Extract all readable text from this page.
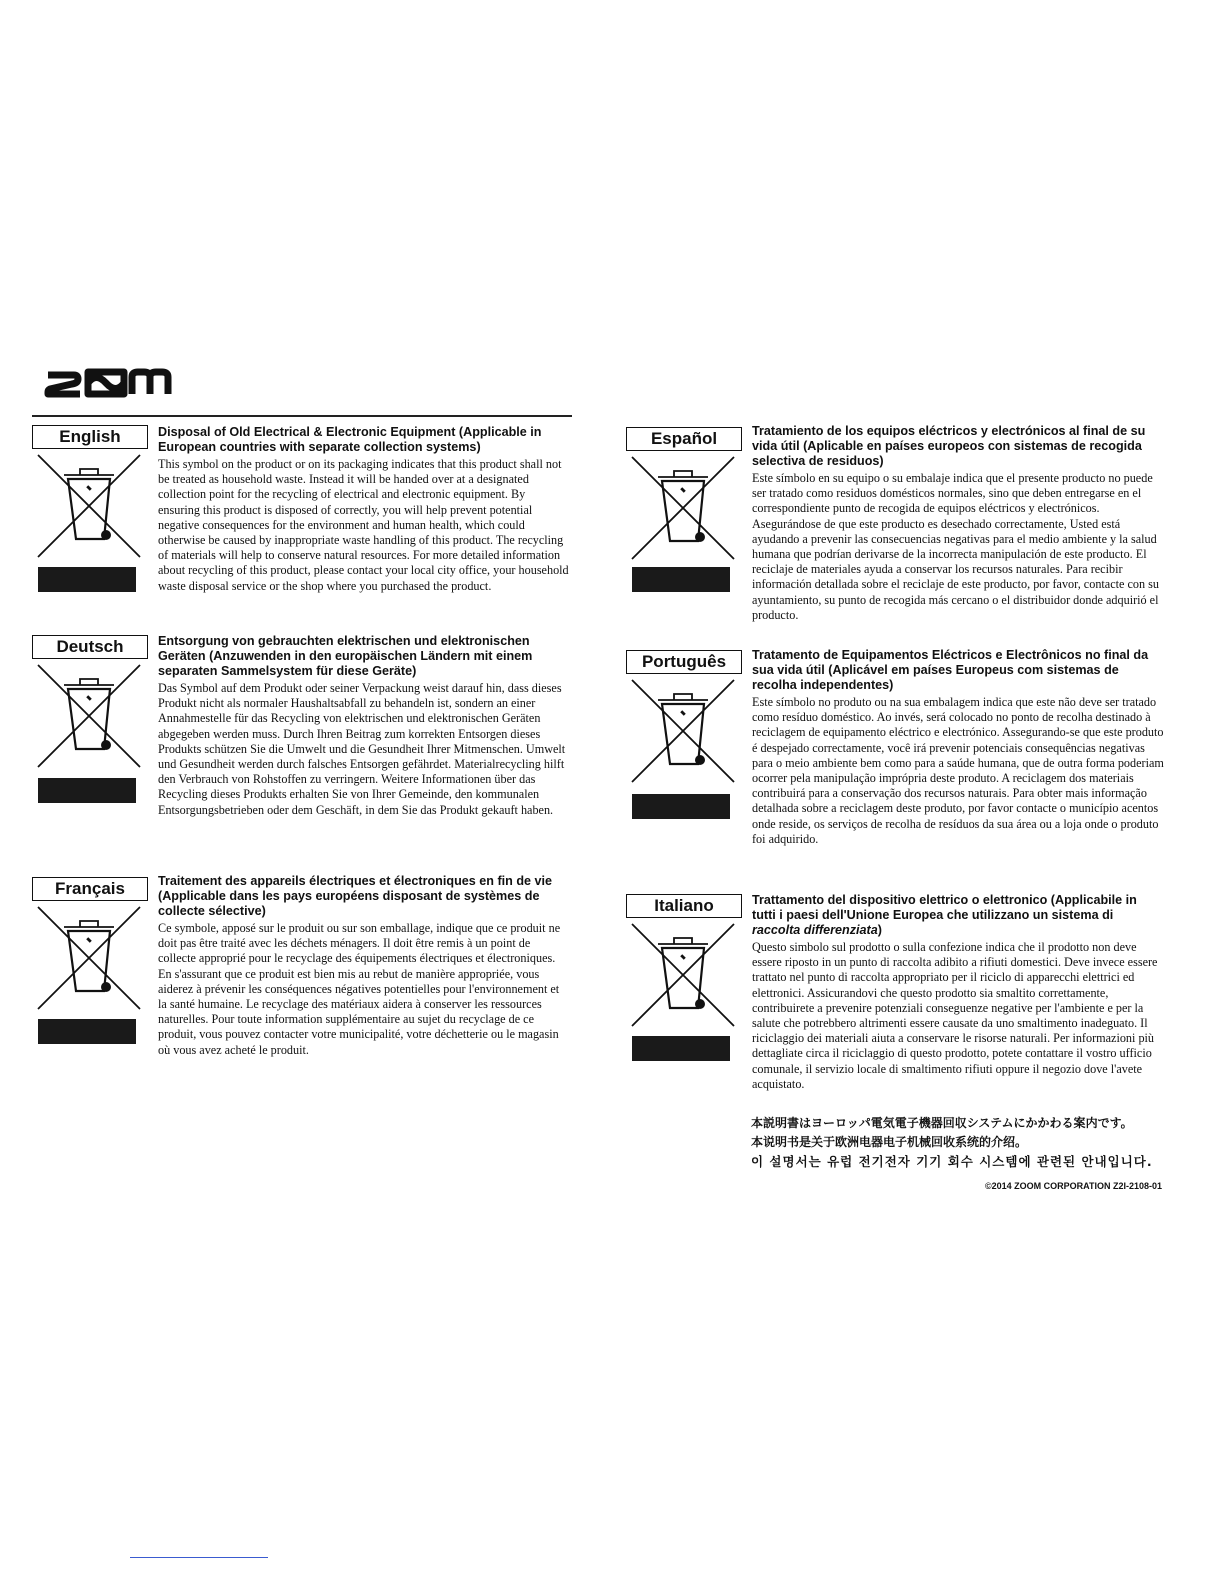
English	Disposal of Old Electrical & Electronic Equipment (Applicable in European countries with separate collection systems)

This symbol on the product or on its packaging indicates that this product shall not be treated as household waste. Instead it will be handed over at a designated collection point for the recycling of electrical and electronic equipment. By ensuring this product is disposed of correctly, you will help prevent potential negative consequences for the environment and human health, which could otherwise be caused by inappropriate waste handling of this product. The recycling of materials will help to conserve natural resources. For more detailed information about recycling of this product, please contact your local city office, your household waste disposal service or the shop where you purchased the product.

Deutsch	Entsorgung von gebrauchten elektrischen und elektronischen Geräten (Anzuwenden in den europäischen Ländern mit einem separaten Sammelsystem für diese Geräte)

Das Symbol auf dem Produkt oder seiner Verpackung weist darauf hin, dass dieses Produkt nicht als normaler Haushaltsabfall zu behandeln ist, sondern an einer Annahmestelle für das Recycling von elektrischen und elektronischen Geräten abgegeben werden muss. Durch Ihren Beitrag zum korrekten Entsorgen dieses Produkts schützen Sie die Umwelt und die Gesundheit Ihrer Mitmenschen. Umwelt und Gesundheit werden durch falsches Entsorgen gefährdet. Materialrecycling hilft den Verbrauch von Rohstoffen zu verringern. Weitere Informationen über das Recycling dieses Produkts erhalten Sie von Ihrer Gemeinde, den kommunalen Entsorgungsbetrieben oder dem Geschäft, in dem Sie das Produkt gekauft haben.

Français	Traitement des appareils électriques et électroniques en fin de vie (Applicable dans les pays européens disposant de systèmes de collecte sélective)

Ce symbole, apposé sur le produit ou sur son emballage, indique que ce produit ne doit pas être traité avec les déchets ménagers. Il doit être remis à un point de collecte approprié pour le recyclage des équipements électriques et électroniques. En s'assurant que ce produit est bien mis au rebut de manière appropriée, vous aiderez à prévenir les conséquences négatives potentielles pour l'environnement et la santé humaine. Le recyclage des matériaux aidera à conserver les ressources naturelles. Pour toute information supplémentaire au sujet du recyclage de ce produit, vous pouvez contacter votre municipalité, votre déchetterie ou le magasin où vous avez acheté le produit.

Español	Tratamiento de los equipos eléctricos y electrónicos al final de su vida útil (Aplicable en países europeos con sistemas de recogida selectiva de residuos)

Este símbolo en su equipo o su embalaje indica que el presente producto no puede ser tratado como residuos domésticos normales, sino que deben entregarse en el correspondiente punto de recogida de equipos eléctricos y electrónicos. Asegurándose de que este producto es desechado correctamente, Usted está ayudando a prevenir las consecuencias negativas para el medio ambiente y la salud humana que podrían derivarse de la incorrecta manipulación de este producto. El reciclaje de materiales ayuda a conservar los recursos naturales. Para recibir información detallada sobre el reciclaje de este producto, por favor, contacte con su ayuntamiento, su punto de recogida más cercano o el distribuidor donde adquirió el producto.

Português	Tratamento de Equipamentos Eléctricos e Electrônicos no final da sua vida útil (Aplicável em países Europeus com sistemas de recolha independentes)

Este símbolo no produto ou na sua embalagem indica que este não deve ser tratado como resíduo doméstico. Ao invés, será colocado no ponto de recolha destinado à reciclagem de equipamento eléctrico e electrónico. Assegurando-se que este produto é despejado correctamente, você irá prevenir potenciais consequências negativas para o meio ambiente bem como para a saúde humana, que de outra forma poderiam ocorrer pela manipulação imprópria deste produto. A reciclagem dos materiais contribuirá para a conservação dos recursos naturais. Para obter mais informação detalhada sobre a reciclagem deste produto, por favor contacte o município acentos onde reside, os serviços de recolha de resíduos da sua área ou a loja onde o produto foi adquirido.

Italiano	Trattamento del dispositivo elettrico o elettronico (Applicabile in tutti i paesi dell'Unione Europea che utilizzano un sistema di raccolta differenziata)

Questo simbolo sul prodotto o sulla confezione indica che il prodotto non deve essere riposto in un punto di raccolta adibito a rifiuti domestici. Deve invece essere trattato nel punto di raccolta appropriato per il riciclo di apparecchi elettrici ed elettronici. Assicurandovi che questo prodotto sia smaltito correttamente, contribuirete a prevenire potenziali conseguenze negative per l'ambiente e per la salute che potrebbero altrimenti essere causate da uno smaltimento inadeguato. Il riciclaggio dei materiali aiuta a conservare le risorse naturali. Per informazioni più dettagliate circa il riciclaggio di questo prodotto, potete contattare il vostro ufficio comunale, il servizio locale di smaltimento rifiuti oppure il negozio dove l'avete acquistato.

本説明書はヨーロッパ電気電子機器回収システムにかかわる案内です。
本说明书是关于欧洲电器电子机械回收系统的介绍。
이 설명서는 유럽 전기전자 기기 회수 시스템에 관련된 안내입니다.
©2014 ZOOM CORPORATION Z2I-2108-01
